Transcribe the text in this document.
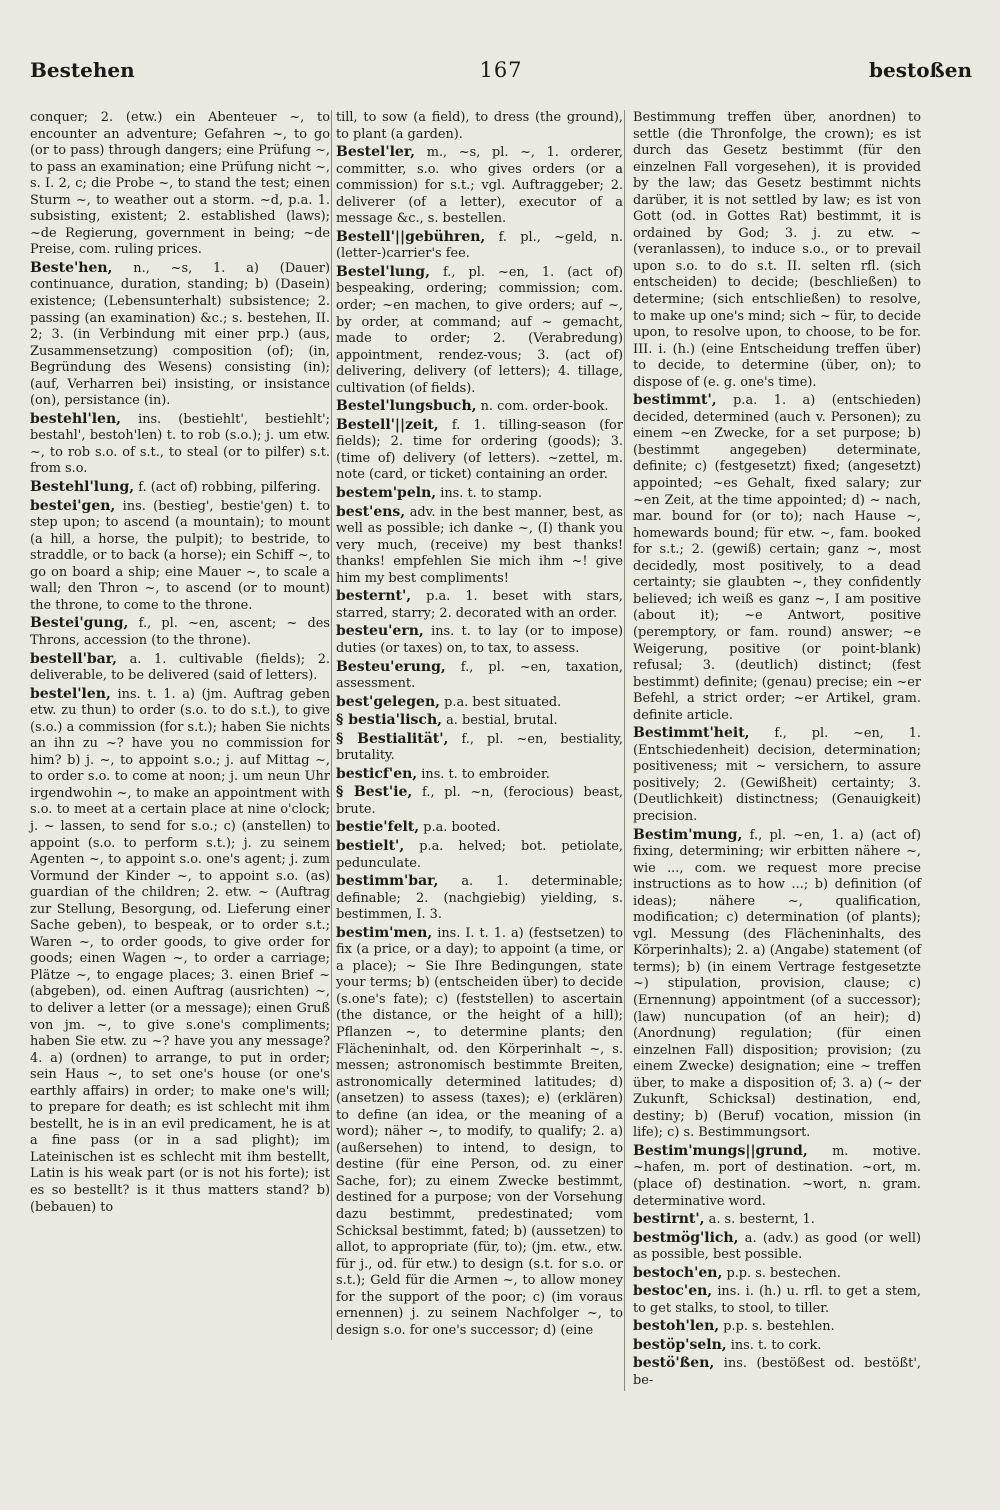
Bestehen	167	bestoßen
conquer; 2. (etw.) ein Abenteuer ~, to encounter an adventure; Gefahren ~, to go (or to pass) through dangers; eine Prüfung ~, to pass an examination; eine Prüfung nicht ~, s. I. 2, c; die Probe ~, to stand the test; einen Sturm ~, to weather out a storm. ~d, p.a. 1. subsisting, existent; 2. established (laws); ~de Regierung, government in being; ~de Preise, com. ruling prices.
Beste'hen, n., ~s, 1. a) (Dauer) continuance, duration, standing; b) (Dasein) existence; (Lebensunterhalt) subsistence; 2. passing (an examination) &c.; s. bestehen, II. 2; 3. (in Verbindung mit einer prp.) (aus, Zusammensetzung) composition (of); (in, Begründung des Wesens) consisting (in); (auf, Verharren bei) insisting, or insistance (on), persistance (in).
bestehl'len, ins. (bestiehlt', bestiehlt'; bestahl', bestoh'len) t. to rob (s.o.); j. um etw. ~, to rob s.o. of s.t., to steal (or to pilfer) s.t. from s.o.
Bestehl'lung, f. (act of) robbing, pilfering.
bestei'gen, ins. (bestieg', bestie'gen) t. to step upon; to ascend (a mountain); to mount (a hill, a horse, the pulpit); to bestride, to straddle, or to back (a horse); ein Schiff ~, to go on board a ship; eine Mauer ~, to scale a wall; den Thron ~, to ascend (or to mount) the throne, to come to the throne.
Bestei'gung, f., pl. ~en, ascent; ~ des Throns, accession (to the throne).
bestell'bar, a. 1. cultivable (fields); 2. deliverable, to be delivered (said of letters).
bestel'len, ins. t. 1. a) (jm. Auftrag geben etw. zu thun) to order (s.o. to do s.t.), to give (s.o.) a commission (for s.t.); haben Sie nichts an ihn zu ~? have you no commission for him? b) j. ~, to appoint s.o.; j. auf Mittag ~, to order s.o. to come at noon; j. um neun Uhr irgendwohin ~, to make an appointment with s.o. to meet at a certain place at nine o'clock; j. ~ lassen, to send for s.o.; c) (anstellen) to appoint (s.o. to perform s.t.); j. zu seinem Agenten ~, to appoint s.o. one's agent; j. zum Vormund der Kinder ~, to appoint s.o. (as) guardian of the children; 2. etw. ~ (Auftrag zur Stellung, Besorgung, od. Lieferung einer Sache geben), to bespeak, or to order s.t.; Waren ~, to order goods, to give order for goods; einen Wagen ~, to order a carriage; Plätze ~, to engage places; 3. einen Brief ~ (abgeben), od. einen Auftrag (ausrichten) ~, to deliver a letter (or a message); einen Gruß von jm. ~, to give s.one's compliments; haben Sie etw. zu ~? have you any message? 4. a) (ordnen) to arrange, to put in order; sein Haus ~, to set one's house (or one's earthly affairs) in order; to make one's will; to prepare for death; es ist schlecht mit ihm bestellt, he is in an evil predicament, he is at a fine pass (or in a sad plight); im Lateinischen ist es schlecht mit ihm bestellt, Latin is his weak part (or is not his forte); ist es so bestellt? is it thus matters stand? b) (bebauen) to
till, to sow (a field), to dress (the ground), to plant (a garden).
Bestel'ler, m., ~s, pl. ~, 1. orderer, committer, s.o. who gives orders (or a commission) for s.t.; vgl. Auftraggeber; 2. deliverer (of a letter), executor of a message &c., s. bestellen.
Bestell'||gebühren, f. pl., ~geld, n. (letter-)carrier's fee.
Bestel'lung, f., pl. ~en, 1. (act of) bespeaking, ordering; commission; com. order; ~en machen, to give orders; auf ~, by order, at command; auf ~ gemacht, made to order; 2. (Verabredung) appointment, rendez-vous; 3. (act of) delivering, delivery (of letters); 4. tillage, cultivation (of fields).
Bestel'lungsbuch, n. com. order-book.
Bestell'||zeit, f. 1. tilling-season (for fields); 2. time for ordering (goods); 3. (time of) delivery (of letters). ~zettel, m. note (card, or ticket) containing an order.
bestem'peln, ins. t. to stamp.
best'ens, adv. in the best manner, best, as well as possible; ich danke ~, (I) thank you very much, (receive) my best thanks! thanks! empfehlen Sie mich ihm ~! give him my best compliments!
besternt', p.a. 1. beset with stars, starred, starry; 2. decorated with an order.
besteu'ern, ins. t. to lay (or to impose) duties (or taxes) on, to tax, to assess.
Besteu'erung, f., pl. ~en, taxation, assessment.
best'gelegen, p.a. best situated.
§ bestia'lisch, a. bestial, brutal.
§ Bestialität', f., pl. ~en, bestiality, brutality.
besticf'en, ins. t. to embroider.
§ Best'ie, f., pl. ~n, (ferocious) beast, brute.
bestie'felt, p.a. booted.
bestielt', p.a. helved; bot. petiolate, pedunculate.
bestimm'bar, a. 1. determinable; definable; 2. (nachgiebig) yielding, s. bestimmen, I. 3.
bestim'men, ins. I. t. 1. a) (festsetzen) to fix (a price, or a day); to appoint (a time, or a place); ~ Sie Ihre Bedingungen, state your terms; b) (entscheiden über) to decide (s.one's fate); c) (feststellen) to ascertain (the distance, or the height of a hill); Pflanzen ~, to determine plants; den Flächeninhalt, od. den Körperinhalt ~, s. messen; astronomisch bestimmte Breiten, astronomically determined latitudes; d) (ansetzen) to assess (taxes); e) (erklären) to define (an idea, or the meaning of a word); näher ~, to modify, to qualify; 2. a) (außersehen) to intend, to design, to destine (für eine Person, od. zu einer Sache, for); zu einem Zwecke bestimmt, destined for a purpose; von der Vorsehung dazu bestimmt, predestinated; vom Schicksal bestimmt, fated; b) (aussetzen) to allot, to appropriate (für, to); (jm. etw., etw. für j., od. für etw.) to design (s.t. for s.o. or s.t.); Geld für die Armen ~, to allow money for the support of the poor; c) (im voraus ernennen) j. zu seinem Nachfolger ~, to design s.o. for one's successor; d) (eine
Bestimmung treffen über, anordnen) to settle (die Thronfolge, the crown); es ist durch das Gesetz bestimmt (für den einzelnen Fall vorgesehen), it is provided by the law; das Gesetz bestimmt nichts darüber, it is not settled by law; es ist von Gott (od. in Gottes Rat) bestimmt, it is ordained by God; 3. j. zu etw. ~ (veranlassen), to induce s.o., or to prevail upon s.o. to do s.t. II. selten rfl. (sich entscheiden) to decide; (beschließen) to determine; (sich entschließen) to resolve, to make up one's mind; sich ~ für, to decide upon, to resolve upon, to choose, to be for. III. i. (h.) (eine Entscheidung treffen über) to decide, to determine (über, on); to dispose of (e. g. one's time).
bestimmt', p.a. 1. a) (entschieden) decided, determined (auch v. Personen); zu einem ~en Zwecke, for a set purpose; b) (bestimmt angegeben) determinate, definite; c) (festgesetzt) fixed; (angesetzt) appointed; ~es Gehalt, fixed salary; zur ~en Zeit, at the time appointed; d) ~ nach, mar. bound for (or to); nach Hause ~, homewards bound; für etw. ~, fam. booked for s.t.; 2. (gewiß) certain; ganz ~, most decidedly, most positively, to a dead certainty; sie glaubten ~, they confidently believed; ich weiß es ganz ~, I am positive (about it); ~e Antwort, positive (peremptory, or fam. round) answer; ~e Weigerung, positive (or point-blank) refusal; 3. (deutlich) distinct; (fest bestimmt) definite; (genau) precise; ein ~er Befehl, a strict order; ~er Artikel, gram. definite article.
Bestimmt'heit, f., pl. ~en, 1. (Entschiedenheit) decision, determination; positiveness; mit ~ versichern, to assure positively; 2. (Gewißheit) certainty; 3. (Deutlichkeit) distinctness; (Genauigkeit) precision.
Bestim'mung, f., pl. ~en, 1. a) (act of) fixing, determining; wir erbitten nähere ~, wie ..., com. we request more precise instructions as to how ...; b) definition (of ideas); nähere ~, qualification, modification; c) determination (of plants); vgl. Messung (des Flächeninhalts, des Körperinhalts); 2. a) (Angabe) statement (of terms); b) (in einem Vertrage festgesetzte ~) stipulation, provision, clause; c) (Ernennung) appointment (of a successor); (law) nuncupation (of an heir); d) (Anordnung) regulation; (für einen einzelnen Fall) disposition; provision; (zu einem Zwecke) designation; eine ~ treffen über, to make a disposition of; 3. a) (~ der Zukunft, Schicksal) destination, end, destiny; b) (Beruf) vocation, mission (in life); c) s. Bestimmungsort.
Bestim'mungs||grund, m. motive. ~hafen, m. port of destination. ~ort, m. (place of) destination. ~wort, n. gram. determinative word.
bestirnt', a. s. besternt, 1.
bestmög'lich, a. (adv.) as good (or well) as possible, best possible.
bestoch'en, p.p. s. bestechen.
bestoc'en, ins. i. (h.) u. rfl. to get a stem, to get stalks, to stool, to tiller.
bestoh'len, p.p. s. bestehlen.
bestöp'seln, ins. t. to cork.
bestö'ßen, ins. (bestößest od. bestößt', be-
